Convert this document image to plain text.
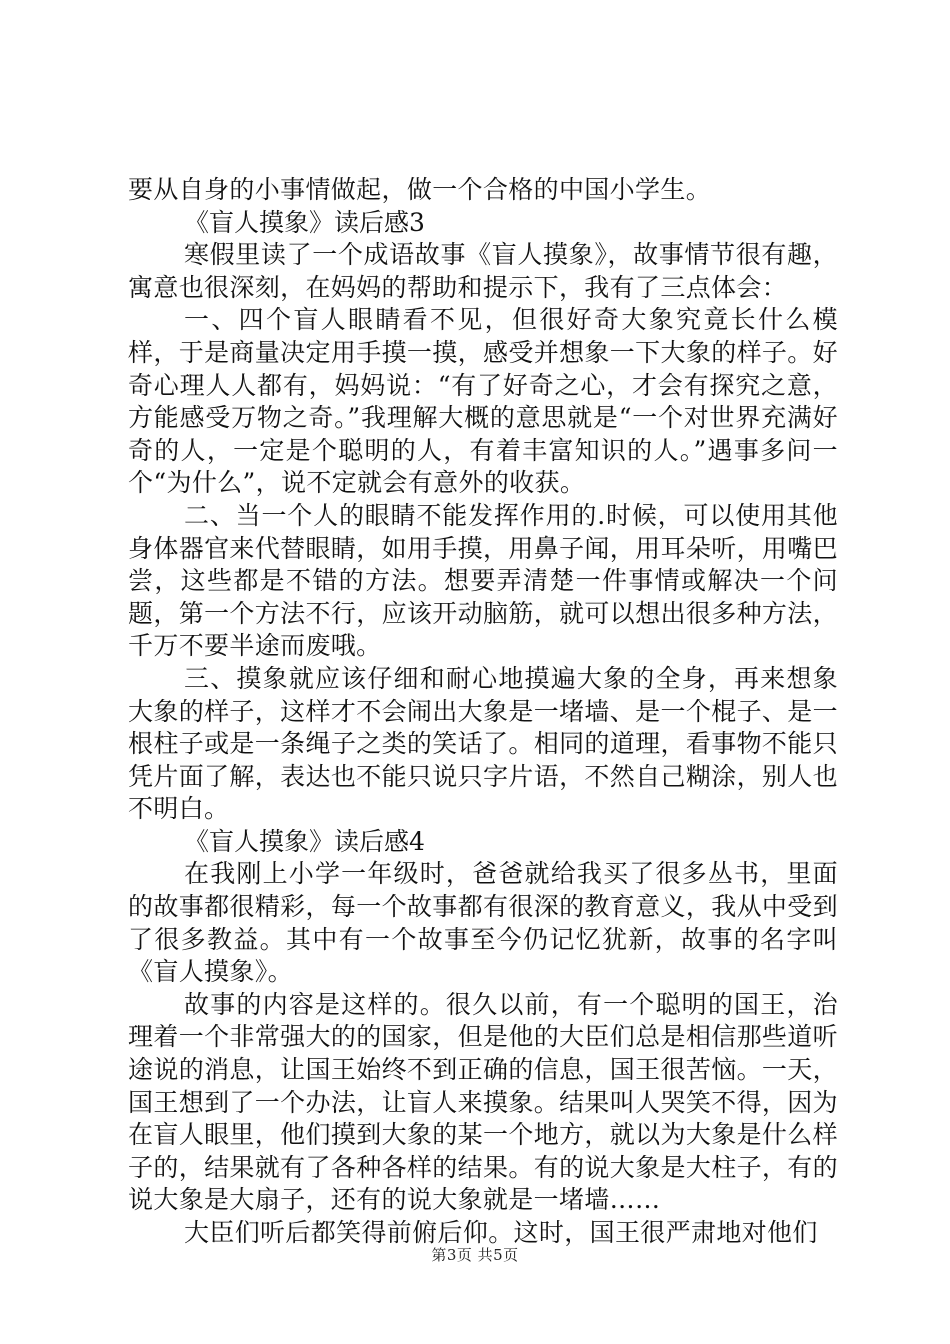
要从自身的小事情做起，做一个合格的中国小学生。

《盲人摸象》读后感3

寒假里读了一个成语故事《盲人摸象》，故事情节很有趣，寓意也很深刻，在妈妈的帮助和提示下，我有了三点体会：

一、四个盲人眼睛看不见，但很好奇大象究竟长什么模样，于是商量决定用手摸一摸，感受并想象一下大象的样子。好奇心理人人都有，妈妈说：“有了好奇之心，才会有探究之意，方能感受万物之奇。”我理解大概的意思就是“一个对世界充满好奇的人，一定是个聪明的人，有着丰富知识的人。”遇事多问一个“为什么”，说不定就会有意外的收获。

二、当一个人的眼睛不能发挥作用的.时候，可以使用其他身体器官来代替眼睛，如用手摸，用鼻子闻，用耳朵听，用嘴巴尝，这些都是不错的方法。想要弄清楚一件事情或解决一个问题，第一个方法不行，应该开动脑筋，就可以想出很多种方法，千万不要半途而废哦。

三、摸象就应该仔细和耐心地摸遍大象的全身，再来想象大象的样子，这样才不会闹出大象是一堵墙、是一个棍子、是一根柱子或是一条绳子之类的笑话了。相同的道理，看事物不能只凭片面了解，表达也不能只说只字片语，不然自己糊涂，别人也不明白。

《盲人摸象》读后感4

在我刚上小学一年级时，爸爸就给我买了很多丛书，里面的故事都很精彩，每一个故事都有很深的教育意义，我从中受到了很多教益。其中有一个故事至今仍记忆犹新，故事的名字叫《盲人摸象》。

故事的内容是这样的。很久以前，有一个聪明的国王，治理着一个非常强大的的国家，但是他的大臣们总是相信那些道听途说的消息，让国王始终不到正确的信息，国王很苦恼。一天，国王想到了一个办法，让盲人来摸象。结果叫人哭笑不得，因为在盲人眼里，他们摸到大象的某一个地方，就以为大象是什么样子的，结果就有了各种各样的结果。有的说大象是大柱子，有的说大象是大扇子，还有的说大象就是一堵墙……

大臣们听后都笑得前俯后仰。这时，国王很严肃地对他们

第3页 共5页
